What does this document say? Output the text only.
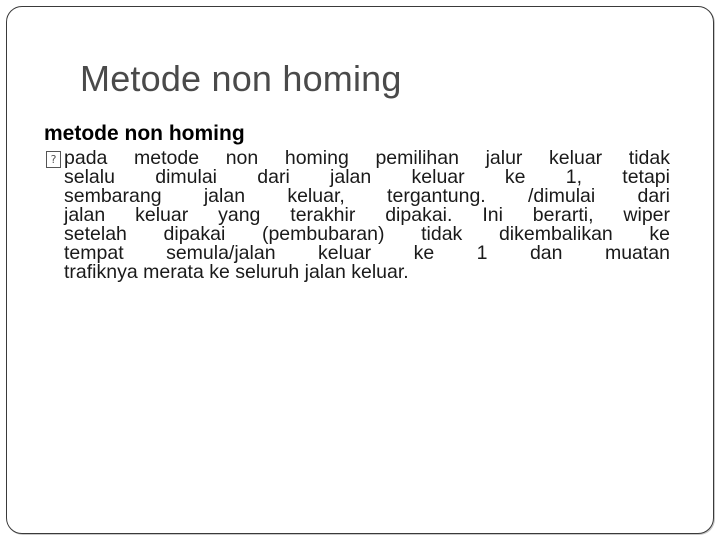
Metode non homing
metode non homing
? pada metode non homing pemilihan jalur keluar tidak
selalu dimulai dari jalan keluar ke 1, tetapi
sembarang jalan keluar, tergantung. /dimulai dari
jalan keluar yang terakhir dipakai. Ini berarti, wiper
setelah dipakai (pembubaran) tidak dikembalikan ke
tempat semula/jalan keluar ke 1 dan muatan
trafiknya merata ke seluruh jalan keluar.
